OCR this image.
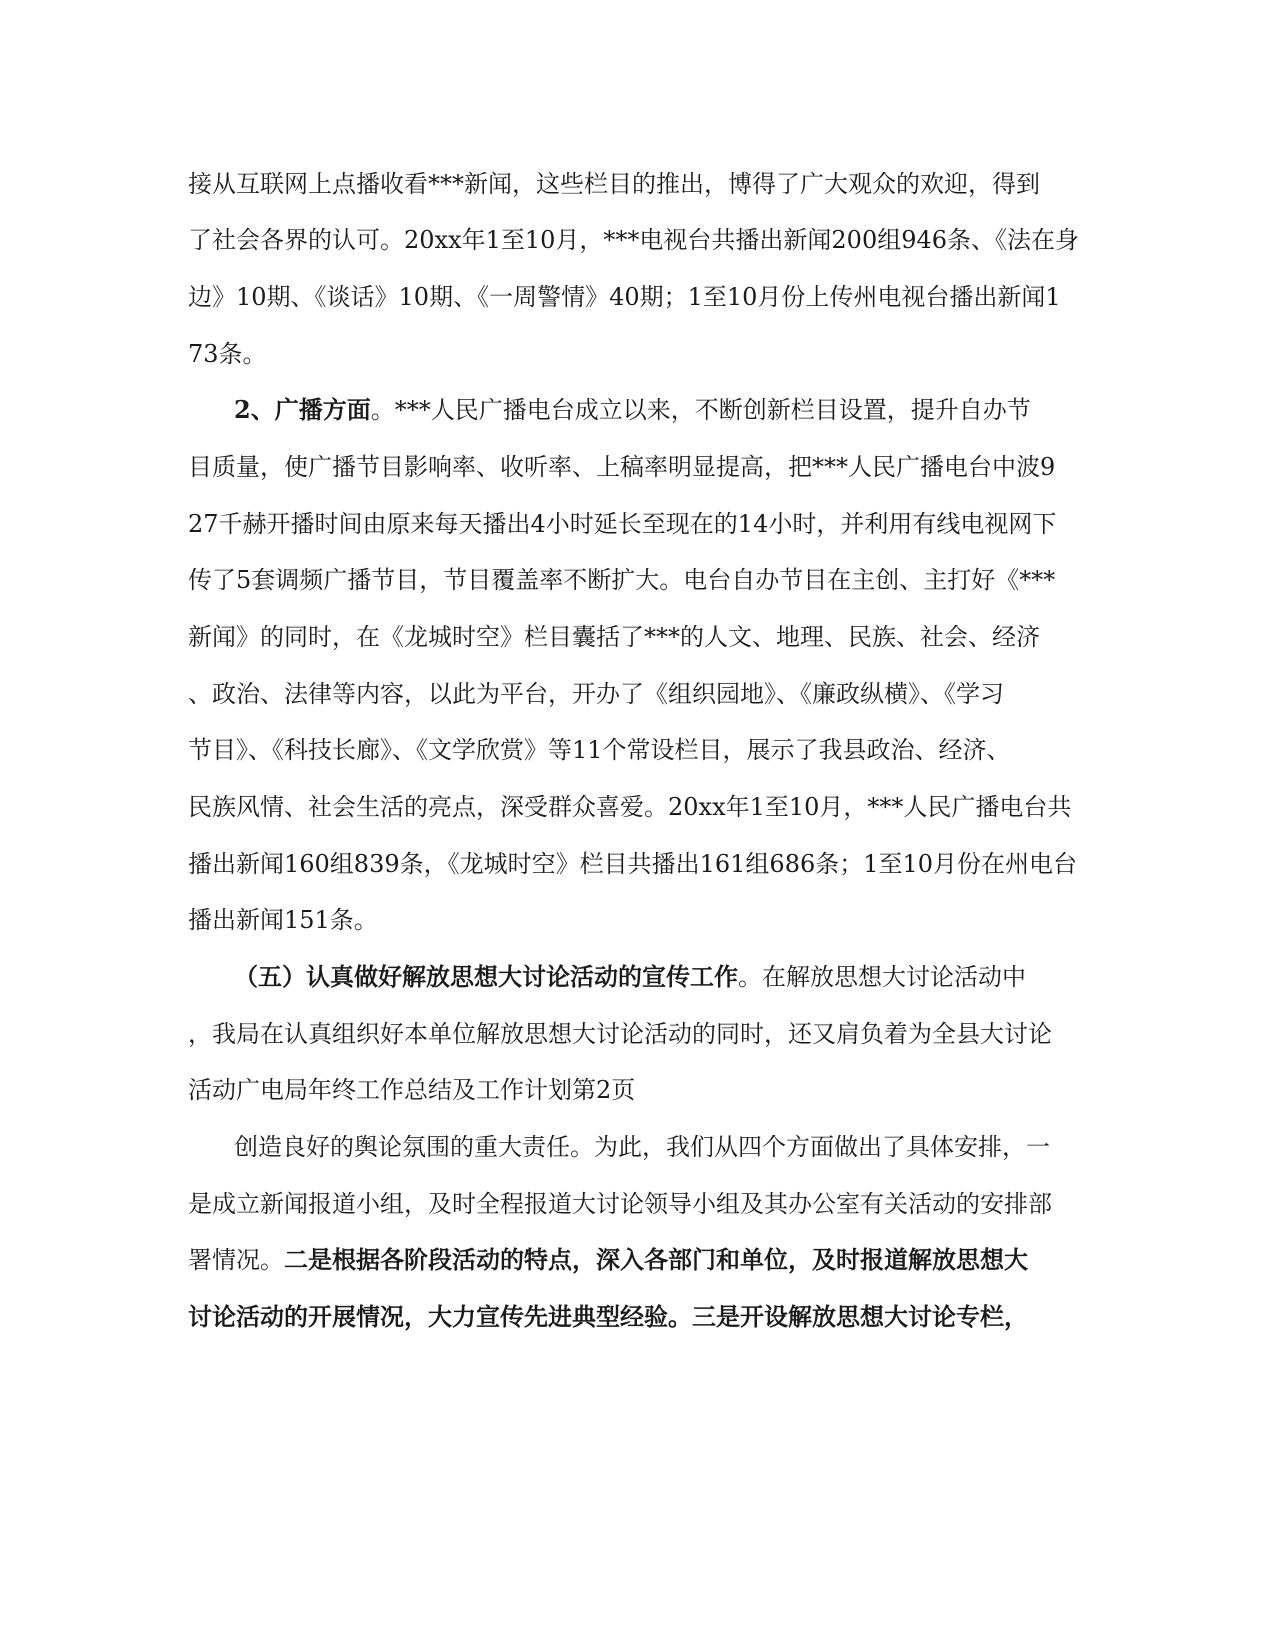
接从互联网上点播收看***新闻，这些栏目的推出，博得了广大观众的欢迎，得到
了社会各界的认可。20xx年1至10月，***电视台共播出新闻200组946条、《法在身
边》10期、《谈话》10期、《一周警情》40期；1至10月份上传州电视台播出新闻1
73条。
2、广播方面。***人民广播电台成立以来，不断创新栏目设置，提升自办节
目质量，使广播节目影响率、收听率、上稿率明显提高，把***人民广播电台中波9
27千赫开播时间由原来每天播出4小时延长至现在的14小时，并利用有线电视网下
传了5套调频广播节目，节目覆盖率不断扩大。电台自办节目在主创、主打好《***
新闻》的同时，在《龙城时空》栏目囊括了***的人文、地理、民族、社会、经济
、政治、法律等内容，以此为平台，开办了《组织园地》、《廉政纵横》、《学习
节目》、《科技长廊》、《文学欣赏》等11个常设栏目，展示了我县政治、经济、
民族风情、社会生活的亮点，深受群众喜爱。20xx年1至10月，***人民广播电台共
播出新闻160组839条，《龙城时空》栏目共播出161组686条；1至10月份在州电台
播出新闻151条。
（五）认真做好解放思想大讨论活动的宣传工作。在解放思想大讨论活动中
，我局在认真组织好本单位解放思想大讨论活动的同时，还又肩负着为全县大讨论
活动广电局年终工作总结及工作计划第2页
创造良好的舆论氛围的重大责任。为此，我们从四个方面做出了具体安排，一
是成立新闻报道小组，及时全程报道大讨论领导小组及其办公室有关活动的安排部
署情况。二是根据各阶段活动的特点，深入各部门和单位，及时报道解放思想大
讨论活动的开展情况，大力宣传先进典型经验。三是开设解放思想大讨论专栏，
